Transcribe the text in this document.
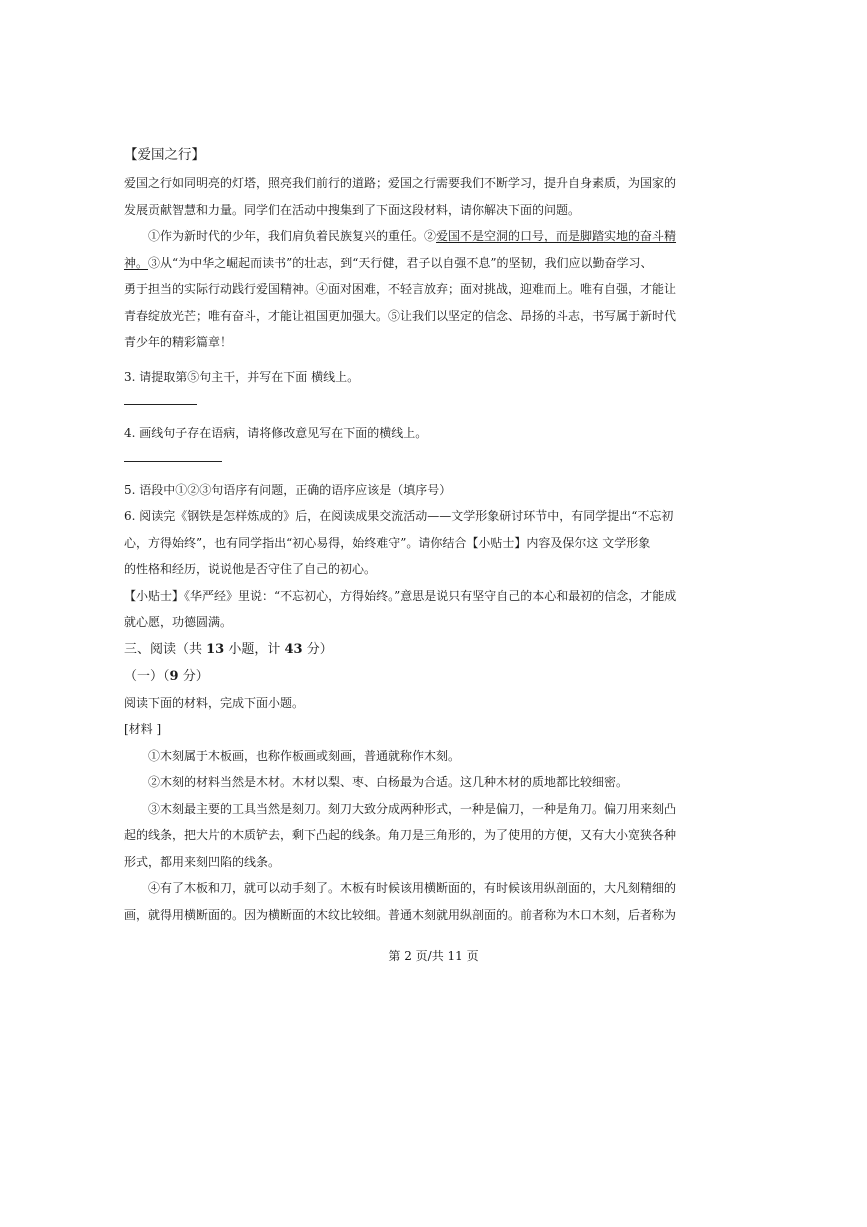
【爱国之行】
爱国之行如同明亮的灯塔，照亮我们前行的道路；爱国之行需要我们不断学习，提升自身素质，为国家的
发展贡献智慧和力量。同学们在活动中搜集到了下面这段材料，请你解决下面的问题。
①作为新时代的少年，我们肩负着民族复兴的重任。②爱国不是空洞的口号，而是脚踏实地的奋斗精
神。③从“为中华之崛起而读书”的壮志，到“天行健，君子以自强不息”的坚韧，我们应以勤奋学习、
勇于担当的实际行动践行爱国精神。④面对困难，不轻言放弃；面对挑战，迎难而上。唯有自强，才能让
青春绽放光芒；唯有奋斗，才能让祖国更加强大。⑤让我们以坚定的信念、昂扬的斗志，书写属于新时代
青少年的精彩篇章！
3. 请提取第⑤句主干，并写在下面 横线上。
4. 画线句子存在语病，请将修改意见写在下面的横线上。
5. 语段中①②③句语序有问题，正确的语序应该是（填序号）
6. 阅读完《钢铁是怎样炼成的》后，在阅读成果交流活动——文学形象研讨环节中，有同学提出“不忘初
心，方得始终”，也有同学指出“初心易得，始终难守”。请你结合【小贴士】内容及保尔这 文学形象
的性格和经历，说说他是否守住了自己的初心。
【小贴士】《华严经》里说：“不忘初心，方得始终。”意思是说只有坚守自己的本心和最初的信念，才能成
就心愿，功德圆满。
三、阅读（共 13 小题，计 43 分）
（一）（9 分）
阅读下面的材料，完成下面小题。
[材料 ]
①木刻属于木板画，也称作板画或刻画，普通就称作木刻。
②木刻的材料当然是木材。木材以梨、枣、白杨最为合适。这几种木材的质地都比较细密。
③木刻最主要的工具当然是刻刀。刻刀大致分成两种形式，一种是偏刀，一种是角刀。偏刀用来刻凸
起的线条，把大片的木质铲去，剩下凸起的线条。角刀是三角形的，为了使用的方便，又有大小宽狭各种
形式，都用来刻凹陷的线条。
④有了木板和刀，就可以动手刻了。木板有时候该用横断面的，有时候该用纵剖面的，大凡刻精细的
画，就得用横断面的。因为横断面的木纹比较细。普通木刻就用纵剖面的。前者称为木口木刻，后者称为
第 2 页/共 11 页
